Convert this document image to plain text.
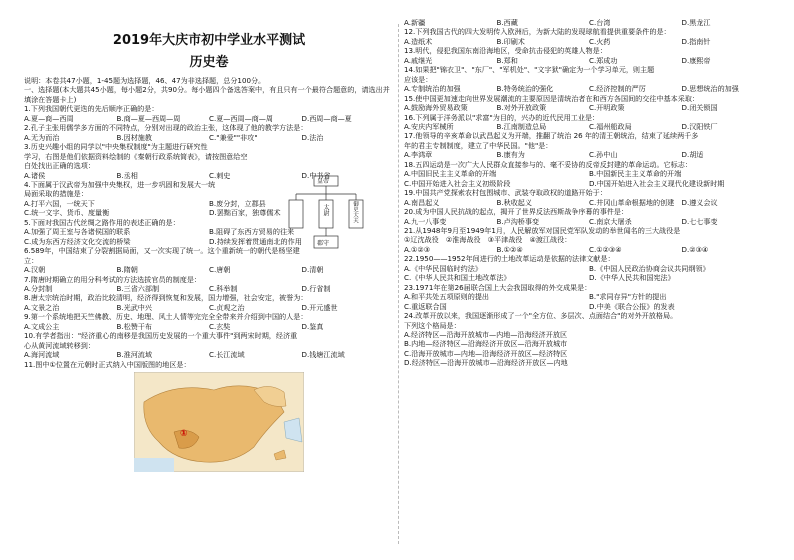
2019年大庆市初中学业水平测试
历史卷
说明：本卷共47小题，1-45题为选择题，46、47为非选择题，总分100分。
一、选择题(本大题共45小题，每小题2分，共90分。每小题四个备选答案中，有且只有一个最符合题意的，请选出并填涂在答题卡上)
1.下列我国朝代更迭的先后顺序正确的是：
A.夏—商—西周	B.商—夏—西周—周	C.夏—西周—商—周	D.西周—商—夏
2.孔子主张用儒学多方面的不同特点，分别对出现的政治主张，这体现了他的教学方法是：
A.无为而治	B.因材施教	C."兼爱""非攻"	D.法治
3.历史兴趣小组的同学以"中央集权制度"为主题进行研究性
学习，右图是他们依据资料绘制的《秦朝行政系统简表》，请按图意给空
白处找出正确的选项：
A.诸侯	B.丞相	C.刺史	D.中书省
4.下面属于汉武帝为加强中央集权，进一步巩固和发展大一统
局面采取的措施是：
A.打平六国，一统天下	B.废分封，立郡县
C.统一文字、货币、度量衡	D.罢黜百家，独尊儒术
5.下面对我国古代丝绸之路作用的表述正确的是：
A.加强了周王室与各诸侯国的联系	B.阻碍了东西方贸易的往来
C.成为东西方经济文化交流的桥梁	D.持续发挥着贯通南北的作用
6.589年，中国结束了分裂割据局面，又一次实现了统一。这个重新统一的朝代是杨坚建
立：
A.汉朝	B.隋朝	C.唐朝	D.清朝
7.隋唐时期确立的用分科考试的方法选拔官员的制度是：
A.分封制	B.三省六部制	C.科举制	D.行省制
8.唐太宗统治时期，政治比较清明，经济得到恢复和发展，国力增强，社会安定，被誉为：
A.文景之治	B.光武中兴	C.贞观之治	D.开元盛世
9.第一个系统地把天竺佛教、历史、地理、风土人情等完完全全带来并介绍到中国的人是：
A.文成公主	B.松赞干布	C.玄奘	D.鉴真
10.有学者指出："经济重心的南移是我国历史发展的一个重大事件"到两宋时期，经济重
心从黄河流域转移到：
A.海河流域	B.淮河流域	C.长江流域	D.钱塘江流域
11.图中①位置在元朝时正式纳入中国版图的地区是：
①
A.新疆	B.西藏	C.台湾	D.黑龙江
12.下列我国古代的四大发明传入欧洲后，为新大陆的发现球航看提供重要条件的是：
A.造纸术	B.印刷术	C.火药	D.指南针
13.明代，侵犯我国东南沿海地区，受命抗击侵犯的英雄人物是：
A.戚继光	B.郑和	C.郑成功	D.康熙帝
14.如果把"锦衣卫"、"东厂"、"军机处"、"文字狱"确定为一个学习单元，则主题
应该是：
A.专制统治的加强	B.特务统治的强化	C.经济控制的严厉	D.思想统治的加强
15.使中国更加速走向世界发展潮流的主要原因是清统治者在和西方各国间的交往中基本采取：
A.鼓励海外贸易政策	B.对外开放政策	C.开明政策	D.闭关锁国
16.下列属于洋务派以"求富"为目的，兴办的近代民用工业是：
A.安庆内军械所	B.江南制造总局	C.福州船政局	D.汉阳铁厂
17.他领导的辛亥革命以武昌起义为开端，推翻了统治 26 年的清王朝统治，结束了延续两千多
年的君主专制制度，建立了中华民国。"他"是：
A.李鸿章	B.康有为	C.孙中山	D.胡适
18.五四运动是一次广大人民群众直接参与的、毫不妥协的反帝反封建的革命运动。它标志：
A.中国旧民主主义革命的开端	B.中国新民主主义革命的开端
C.中国开始进入社会主义初级阶段	D.中国开始进入社会主义现代化建设新时期
19.中国共产党探索农村包围城市、武装夺取政权的道路开始于：
A.南昌起义	B.秋收起义	C.井冈山革命根据地的创建	D.遵义会议
20.成为中国人民抗战的起点，揭开了世界反法西斯战争序幕的事件是：
A.九一八事变	B.卢沟桥事变	C.南京大屠杀	D.七七事变
21.从1948年9月至1949年1月，人民解放军对国民党军队发动的举世闻名的三大战役是
①辽沈战役　②淮海战役　③平津战役　④渡江战役：
A.①②③	B.①②④	C.①②③④	D.②③④
22.1950——1952年间进行的土地改革运动是依据的法律文献是：
A.《中华民国临时约法》	B.《中国人民政治协商会议共同纲领》
C.《中华人民共和国土地改革法》	D.《中华人民共和国宪法》
23.1971年在第26届联合国上大会我国取得的外交成果是：
A.和平共处五项原则的提出	B."求同存异"方针的提出
C.重返联合国	D.中美《联合公报》的发表
24.改革开放以来，我国逐渐形成了一个"全方位、多层次、点面结合"的对外开放格局。
下列这个格局是：
A.经济特区—沿海开放城市—内地—沿海经济开放区
B.内地—经济特区—沿海经济开放区—沿海开放城市
C.沿海开放城市—内地—沿海经济开放区—经济特区
D.经济特区—沿海开放城市—沿海经济开放区—内地
皇帝
太尉	御史大夫
郡守
